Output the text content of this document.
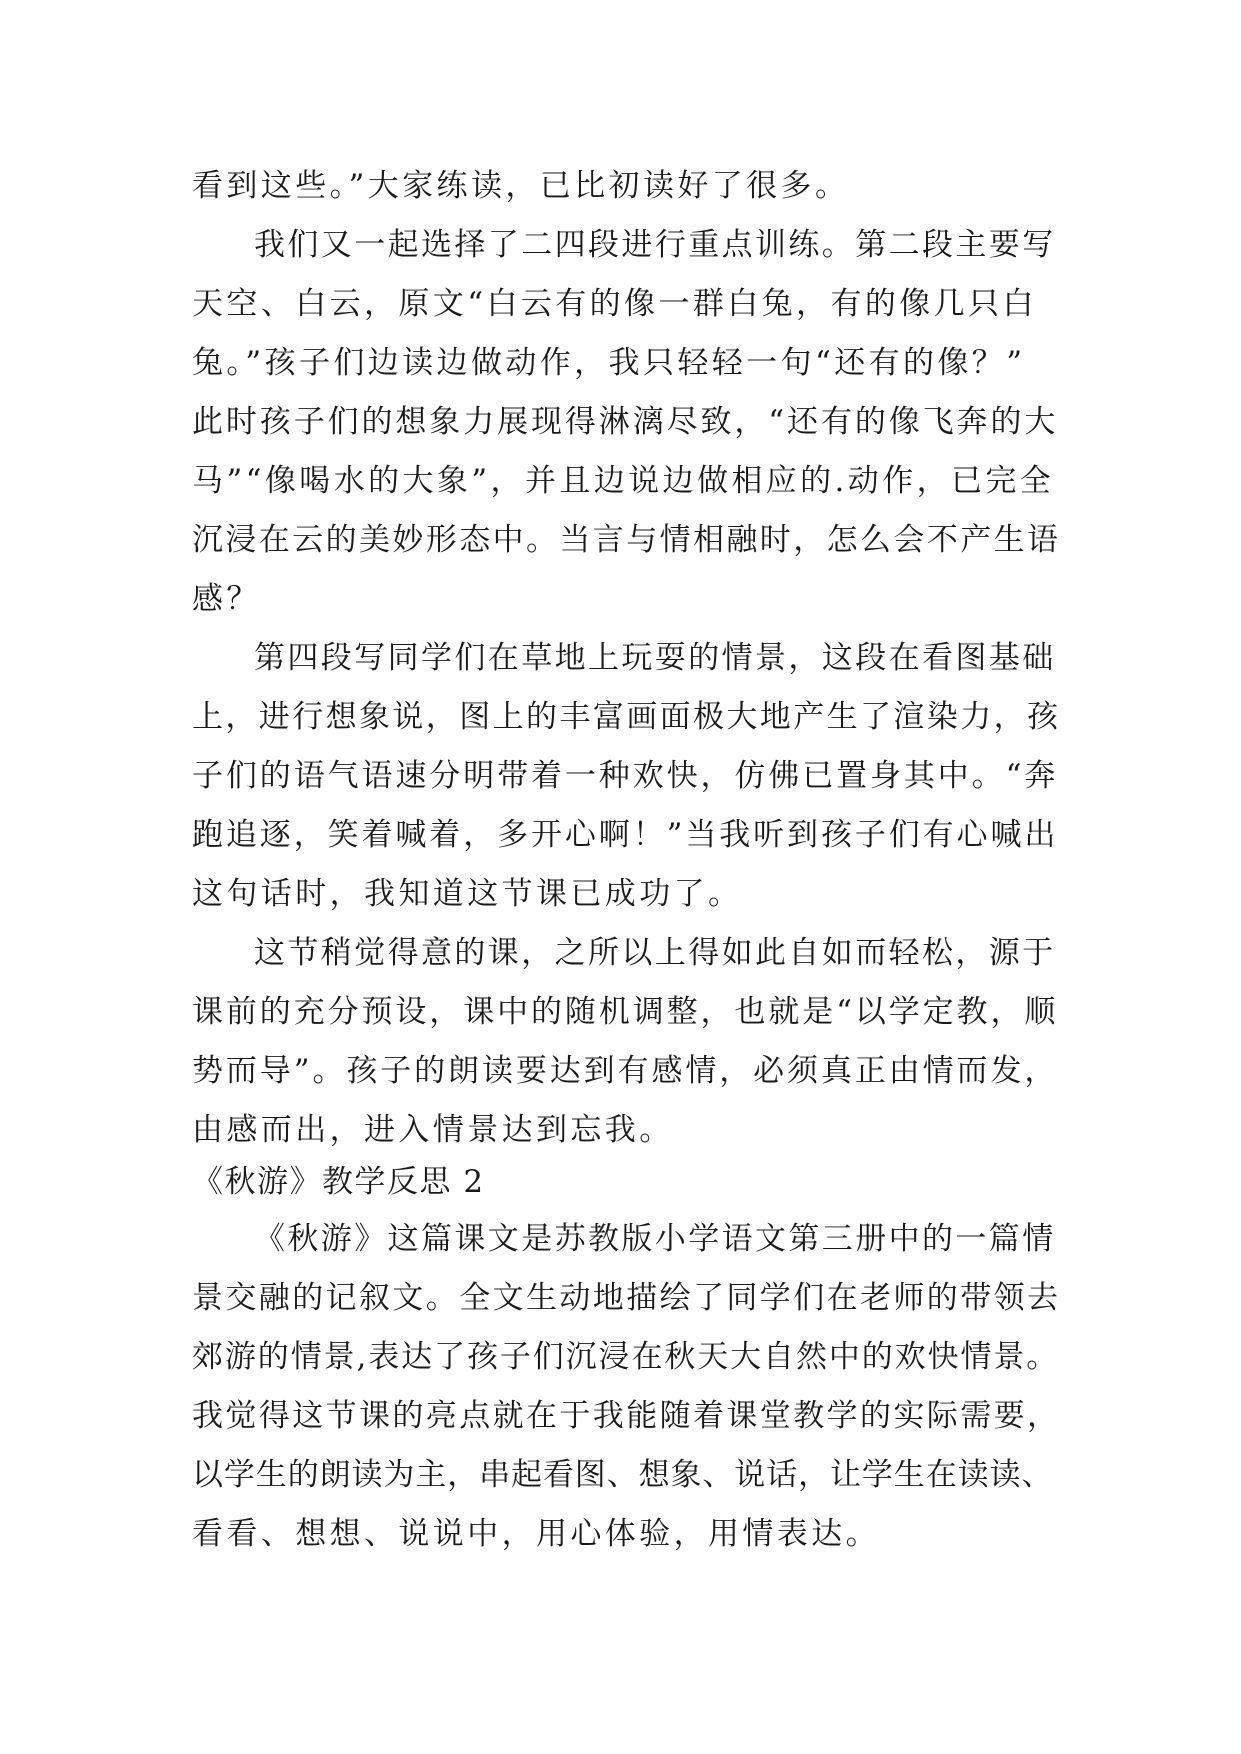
看到这些。”大家练读，已比初读好了很多。
我们又一起选择了二四段进行重点训练。第二段主要写
天空、白云，原文“白云有的像一群白兔，有的像几只白
兔。”孩子们边读边做动作，我只轻轻一句“还有的像？”
此时孩子们的想象力展现得淋漓尽致，“还有的像飞奔的大
马”“像喝水的大象”，并且边说边做相应的.动作，已完全
沉浸在云的美妙形态中。当言与情相融时，怎么会不产生语
感？
第四段写同学们在草地上玩耍的情景，这段在看图基础
上，进行想象说，图上的丰富画面极大地产生了渲染力，孩
子们的语气语速分明带着一种欢快，仿佛已置身其中。“奔
跑追逐，笑着喊着，多开心啊！”当我听到孩子们有心喊出
这句话时，我知道这节课已成功了。
这节稍觉得意的课，之所以上得如此自如而轻松，源于
课前的充分预设，课中的随机调整，也就是“以学定教，顺
势而导”。孩子的朗读要达到有感情，必须真正由情而发，
由感而出，进入情景达到忘我。
《秋游》教学反思 2
《秋游》这篇课文是苏教版小学语文第三册中的一篇情
景交融的记叙文。全文生动地描绘了同学们在老师的带领去
郊游的情景,表达了孩子们沉浸在秋天大自然中的欢快情景。
我觉得这节课的亮点就在于我能随着课堂教学的实际需要，
以学生的朗读为主，串起看图、想象、说话，让学生在读读、
看看、想想、说说中，用心体验，用情表达。
